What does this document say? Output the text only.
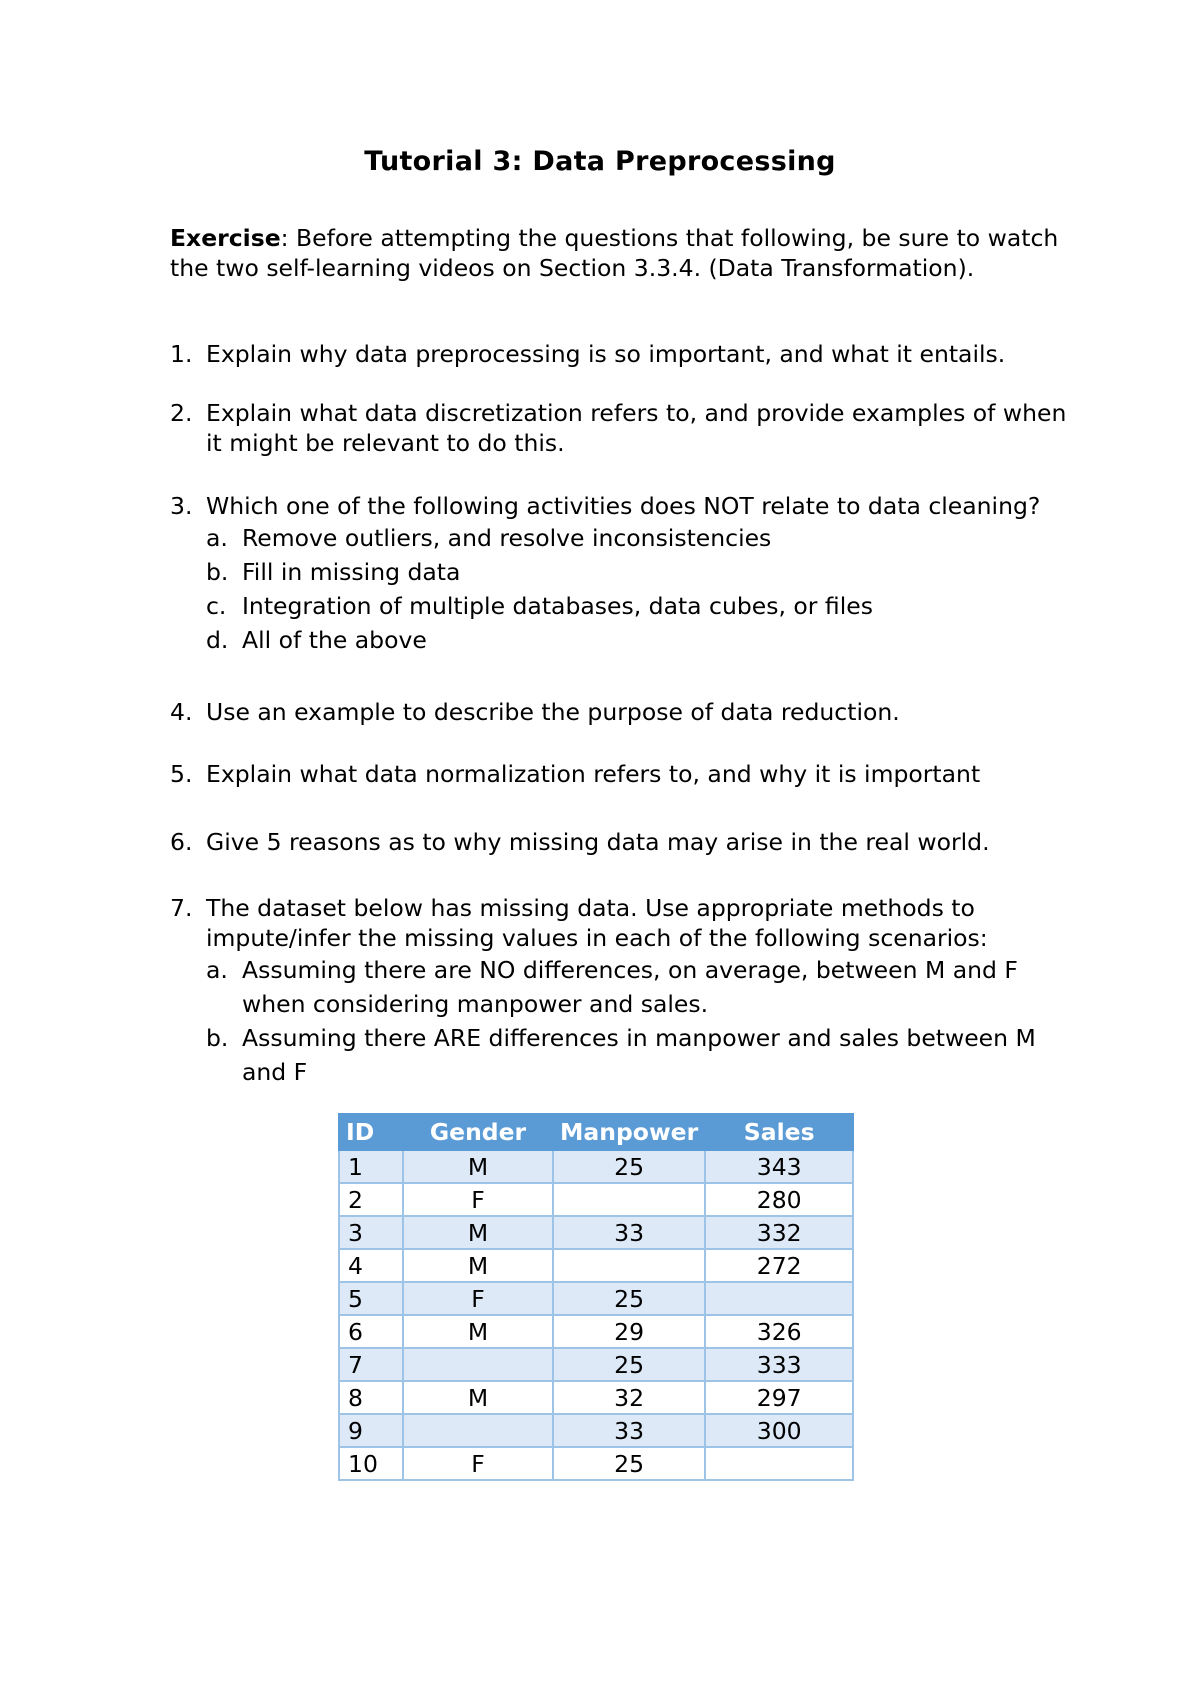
Tutorial 3: Data Preprocessing
Exercise: Before attempting the questions that following, be sure to watch the two self-learning videos on Section 3.3.4. (Data Transformation).
1. Explain why data preprocessing is so important, and what it entails.
2. Explain what data discretization refers to, and provide examples of when it might be relevant to do this.
3. Which one of the following activities does NOT relate to data cleaning?
a. Remove outliers, and resolve inconsistencies
b. Fill in missing data
c. Integration of multiple databases, data cubes, or files
d. All of the above
4. Use an example to describe the purpose of data reduction.
5. Explain what data normalization refers to, and why it is important
6. Give 5 reasons as to why missing data may arise in the real world.
7. The dataset below has missing data. Use appropriate methods to impute/infer the missing values in each of the following scenarios:
a. Assuming there are NO differences, on average, between M and F when considering manpower and sales.
b. Assuming there ARE differences in manpower and sales between M and F
ID	Gender	Manpower	Sales
1	M	25	343
2	F		280
3	M	33	332
4	M		272
5	F	25	
6	M	29	326
7		25	333
8	M	32	297
9		33	300
10	F	25	
